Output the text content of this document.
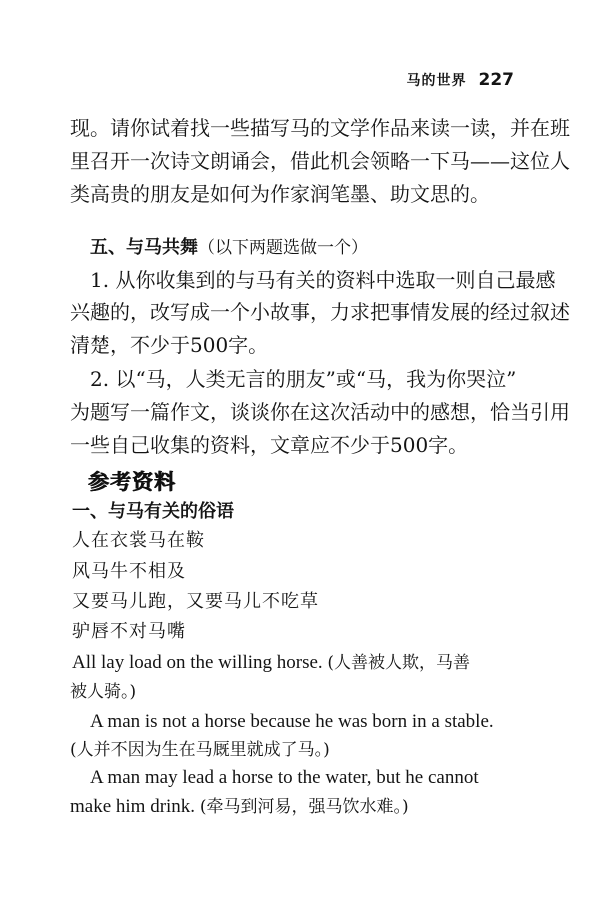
马的世界 227
现。请你试着找一些描写马的文学作品来读一读，并在班
里召开一次诗文朗诵会，借此机会领略一下马——这位人
类高贵的朋友是如何为作家润笔墨、助文思的。
五、与马共舞（以下两题选做一个）
1. 从你收集到的与马有关的资料中选取一则自己最感
兴趣的，改写成一个小故事，力求把事情发展的经过叙述
清楚，不少于500字。
2. 以“马，人类无言的朋友”或“马，我为你哭泣”
为题写一篇作文，谈谈你在这次活动中的感想，恰当引用
一些自己收集的资料，文章应不少于500字。
参考资料
一、与马有关的俗语
人在衣裳马在鞍
风马牛不相及
又要马儿跑，又要马儿不吃草
驴唇不对马嘴
All lay load on the willing horse. (人善被人欺，马善
被人骑。)
A man is not a horse because he was born in a stable.
(人并不因为生在马厩里就成了马。)
A man may lead a horse to the water, but he cannot
make him drink. (牵马到河易，强马饮水难。)
